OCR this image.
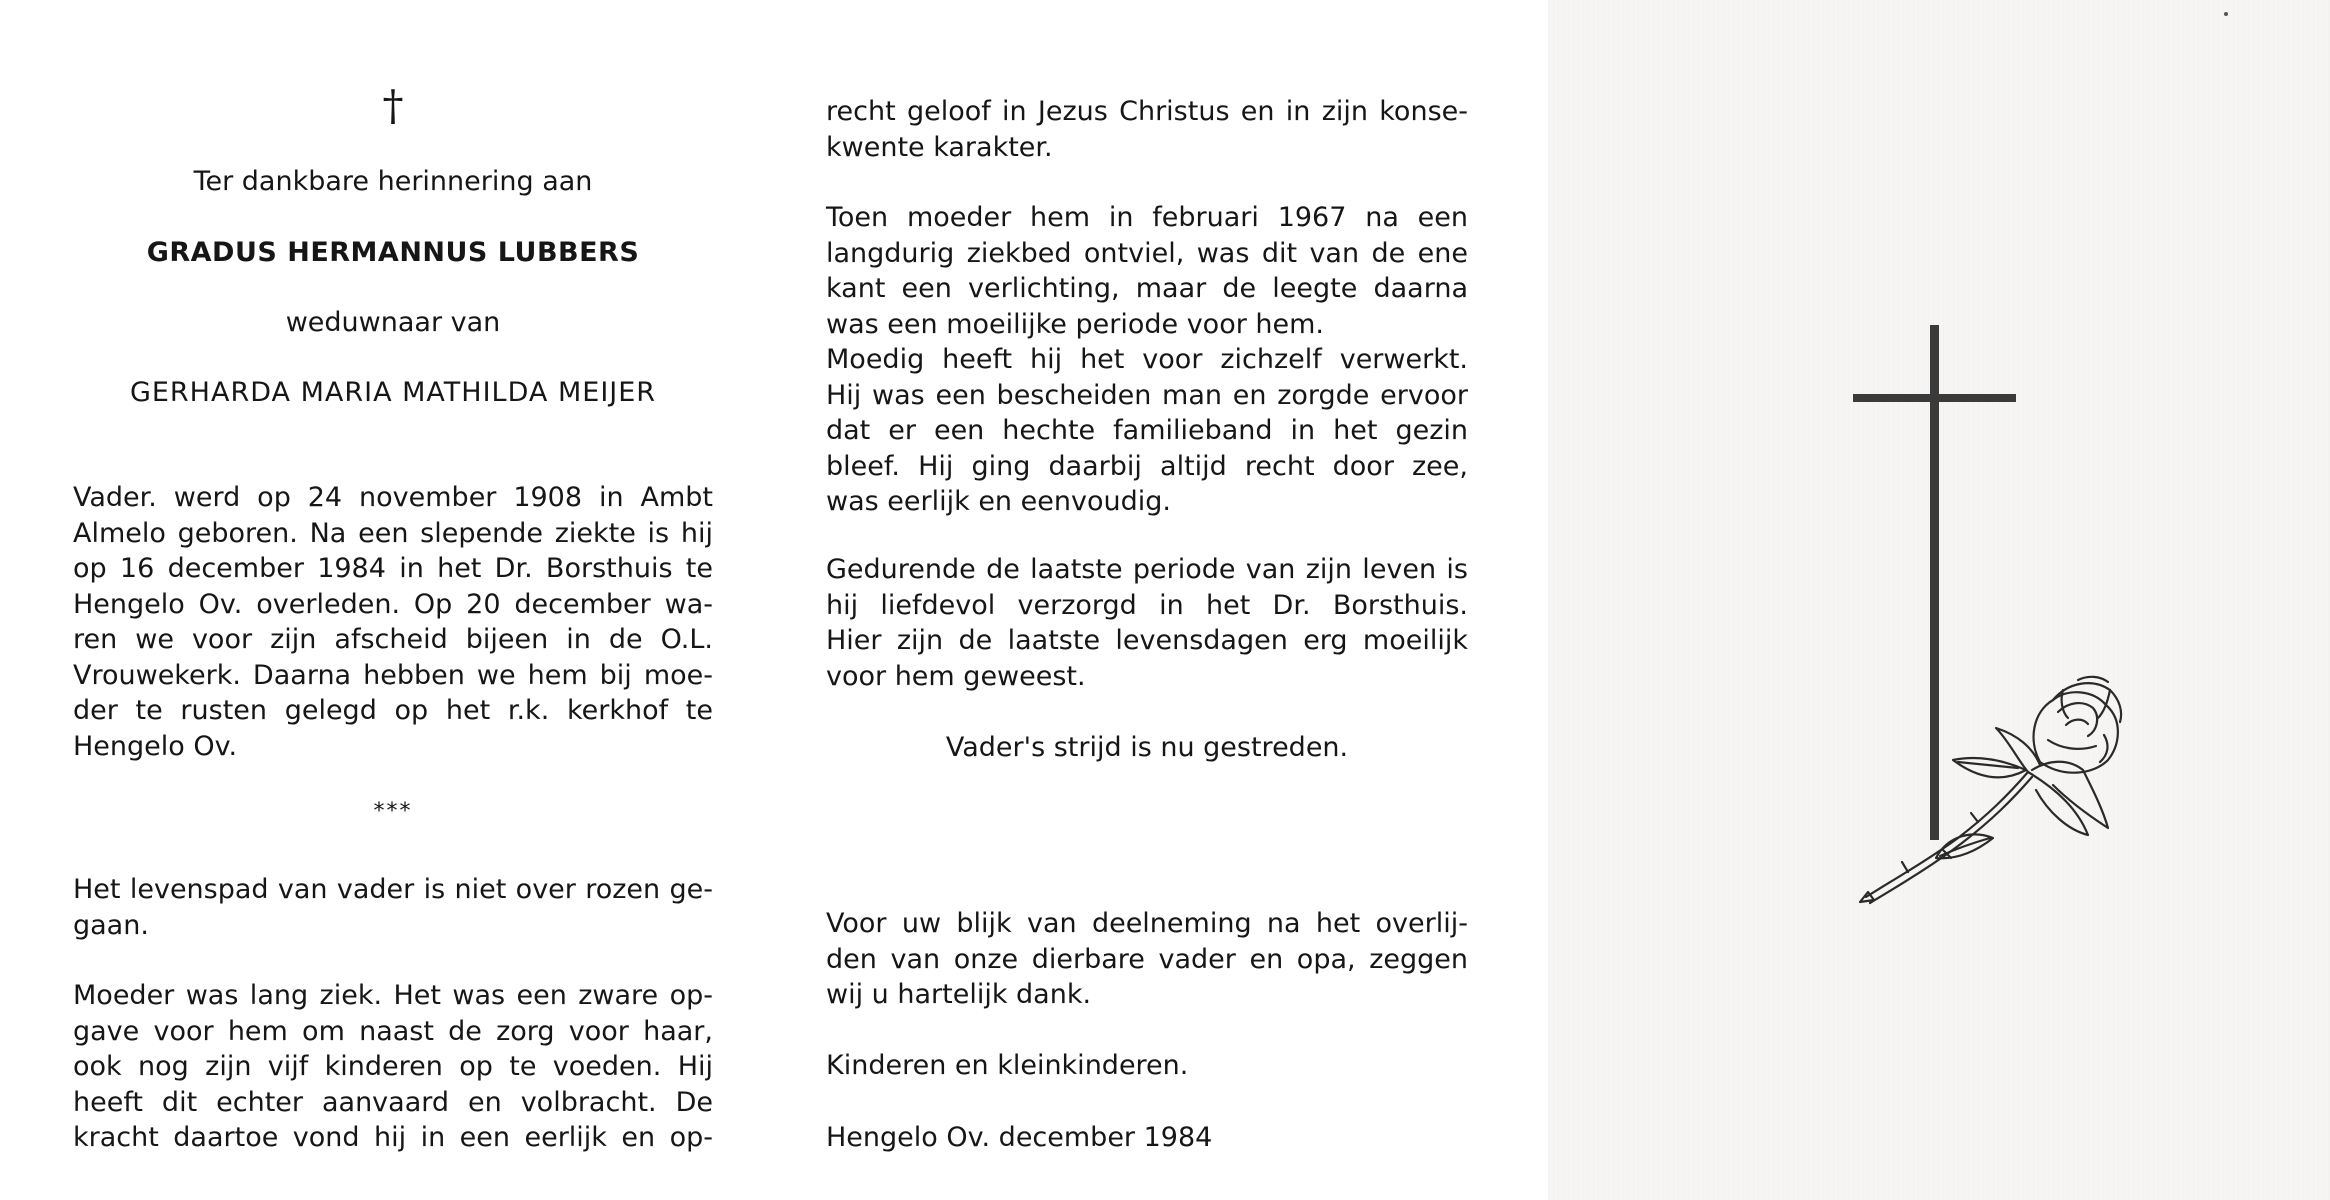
†
Ter dankbare herinnering aan
GRADUS HERMANNUS LUBBERS
weduwnaar van
GERHARDA MARIA MATHILDA MEIJER
Vader. werd op 24 november 1908 in Ambt
Almelo geboren. Na een slepende ziekte is hij
op 16 december 1984 in het Dr. Borsthuis te
Hengelo Ov. overleden. Op 20 december wa-
ren we voor zijn afscheid bijeen in de O.L.
Vrouwekerk. Daarna hebben we hem bij moe-
der te rusten gelegd op het r.k. kerkhof te
Hengelo Ov.
***
Het levenspad van vader is niet over rozen ge-
gaan.
Moeder was lang ziek. Het was een zware op-
gave voor hem om naast de zorg voor haar,
ook nog zijn vijf kinderen op te voeden. Hij
heeft dit echter aanvaard en volbracht. De
kracht daartoe vond hij in een eerlijk en op-
recht geloof in Jezus Christus en in zijn konse-
kwente karakter.
Toen moeder hem in februari 1967 na een
langdurig ziekbed ontviel, was dit van de ene
kant een verlichting, maar de leegte daarna
was een moeilijke periode voor hem.
Moedig heeft hij het voor zichzelf verwerkt.
Hij was een bescheiden man en zorgde ervoor
dat er een hechte familieband in het gezin
bleef. Hij ging daarbij altijd recht door zee,
was eerlijk en eenvoudig.
Gedurende de laatste periode van zijn leven is
hij liefdevol verzorgd in het Dr. Borsthuis.
Hier zijn de laatste levensdagen erg moeilijk
voor hem geweest.
Vader's strijd is nu gestreden.
Voor uw blijk van deelneming na het overlij-
den van onze dierbare vader en opa, zeggen
wij u hartelijk dank.
Kinderen en kleinkinderen.
Hengelo Ov. december 1984
